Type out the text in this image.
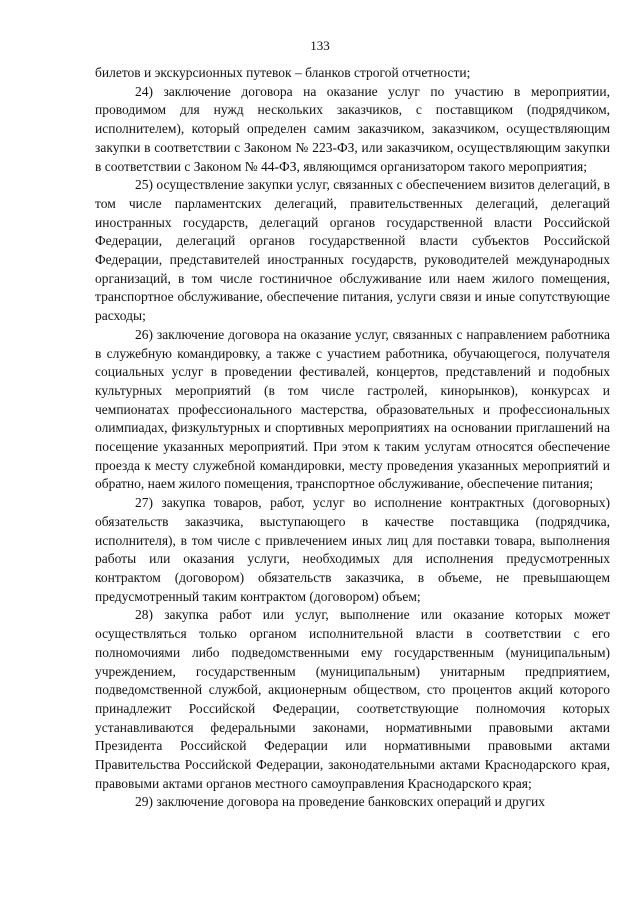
133

билетов и экскурсионных путевок – бланков строгой отчетности;

24) заключение договора на оказание услуг по участию в мероприятии, проводимом для нужд нескольких заказчиков, с поставщиком (подрядчиком, исполнителем), который определен самим заказчиком, заказчиком, осуществляющим закупки в соответствии с Законом № 223-ФЗ, или заказчиком, осуществляющим закупки в соответствии с Законом № 44-ФЗ, являющимся организатором такого мероприятия;

25) осуществление закупки услуг, связанных с обеспечением визитов делегаций, в том числе парламентских делегаций, правительственных делегаций, делегаций иностранных государств, делегаций органов государственной власти Российской Федерации, делегаций органов государственной власти субъектов Российской Федерации, представителей иностранных государств, руководителей международных организаций, в том числе гостиничное обслуживание или наем жилого помещения, транспортное обслуживание, обеспечение питания, услуги связи и иные сопутствующие расходы;

26) заключение договора на оказание услуг, связанных с направлением работника в служебную командировку, а также с участием работника, обучающегося, получателя социальных услуг в проведении фестивалей, концертов, представлений и подобных культурных мероприятий (в том числе гастролей, кинорынков), конкурсах и чемпионатах профессионального мастерства, образовательных и профессиональных олимпиадах, физкультурных и спортивных мероприятиях на основании приглашений на посещение указанных мероприятий. При этом к таким услугам относятся обеспечение проезда к месту служебной командировки, месту проведения указанных мероприятий и обратно, наем жилого помещения, транспортное обслуживание, обеспечение питания;

27) закупка товаров, работ, услуг во исполнение контрактных (договорных) обязательств заказчика, выступающего в качестве поставщика (подрядчика, исполнителя), в том числе с привлечением иных лиц для поставки товара, выполнения работы или оказания услуги, необходимых для исполнения предусмотренных контрактом (договором) обязательств заказчика, в объеме, не превышающем предусмотренный таким контрактом (договором) объем;

28) закупка работ или услуг, выполнение или оказание которых может осуществляться только органом исполнительной власти в соответствии с его полномочиями либо подведомственными ему государственным (муниципальным) учреждением, государственным (муниципальным) унитарным предприятием, подведомственной службой, акционерным обществом, сто процентов акций которого принадлежит Российской Федерации, соответствующие полномочия которых устанавливаются федеральными законами, нормативными правовыми актами Президента Российской Федерации или нормативными правовыми актами Правительства Российской Федерации, законодательными актами Краснодарского края, правовыми актами органов местного самоуправления Краснодарского края;

29) заключение договора на проведение банковских операций и других
